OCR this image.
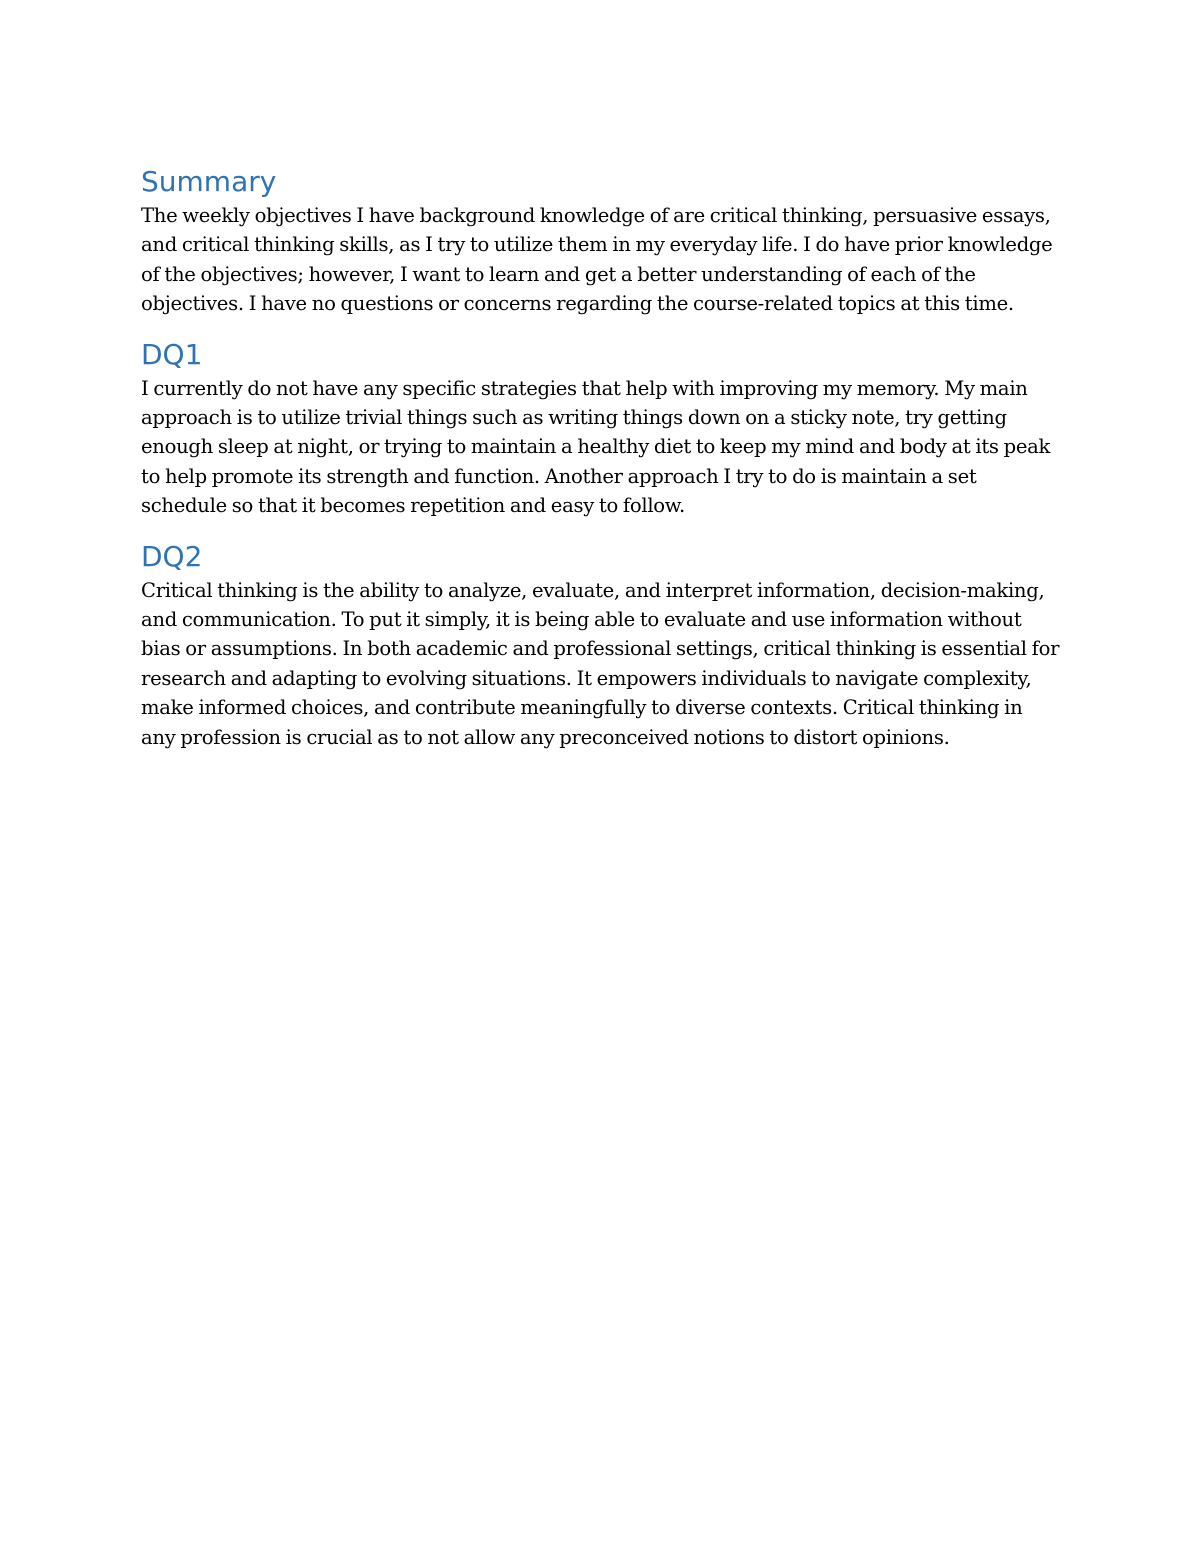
Summary

The weekly objectives I have background knowledge of are critical thinking, persuasive essays, and critical thinking skills, as I try to utilize them in my everyday life. I do have prior knowledge of the objectives; however, I want to learn and get a better understanding of each of the objectives. I have no questions or concerns regarding the course-related topics at this time.

DQ1

I currently do not have any specific strategies that help with improving my memory. My main approach is to utilize trivial things such as writing things down on a sticky note, try getting enough sleep at night, or trying to maintain a healthy diet to keep my mind and body at its peak to help promote its strength and function. Another approach I try to do is maintain a set schedule so that it becomes repetition and easy to follow.

DQ2

Critical thinking is the ability to analyze, evaluate, and interpret information, decision-making, and communication. To put it simply, it is being able to evaluate and use information without bias or assumptions. In both academic and professional settings, critical thinking is essential for research and adapting to evolving situations. It empowers individuals to navigate complexity, make informed choices, and contribute meaningfully to diverse contexts. Critical thinking in any profession is crucial as to not allow any preconceived notions to distort opinions.
